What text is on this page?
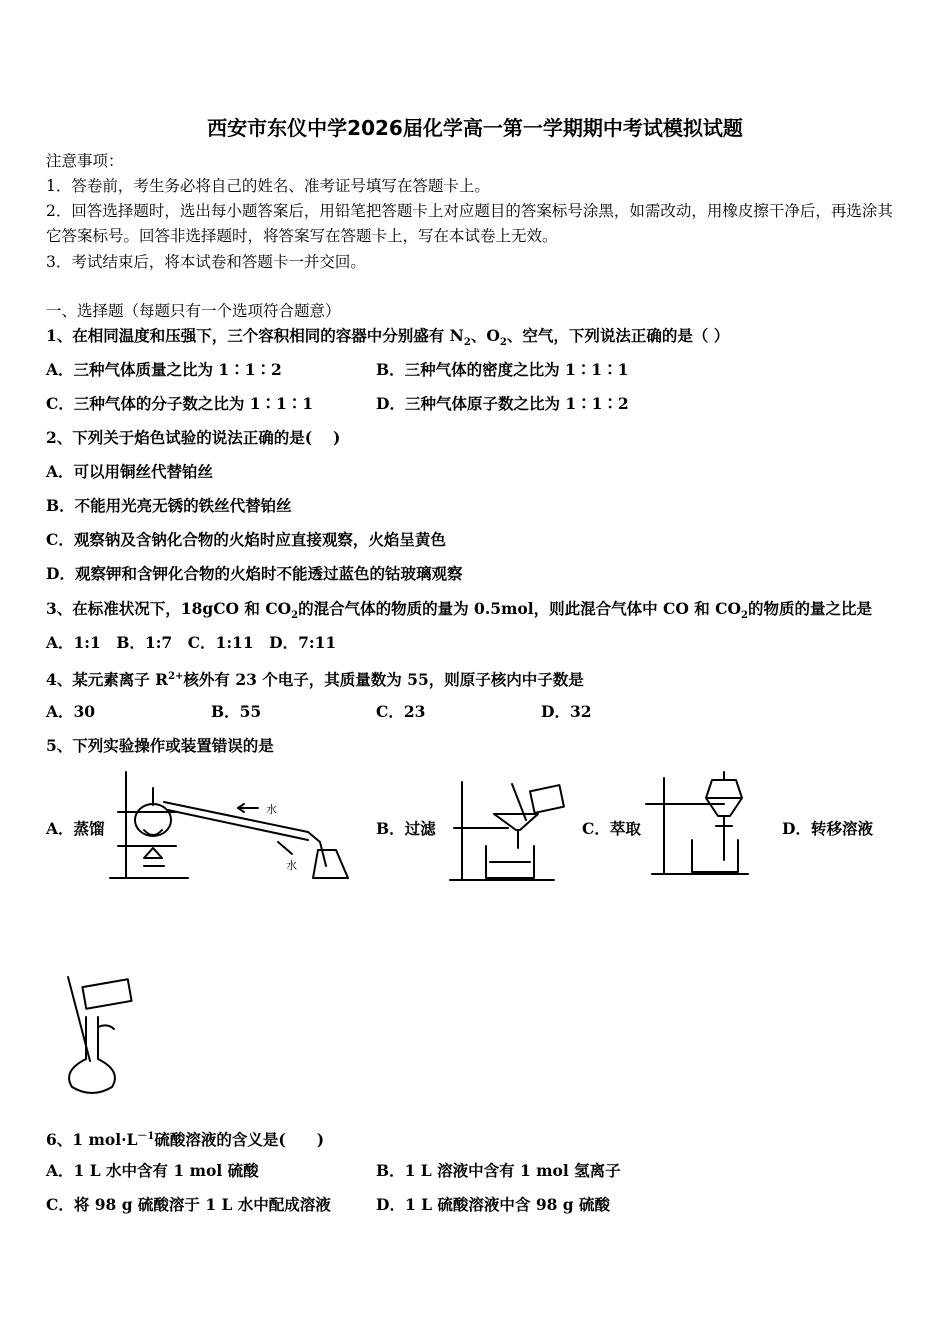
西安市东仪中学2026届化学高一第一学期期中考试模拟试题
注意事项：
1．答卷前，考生务必将自己的姓名、准考证号填写在答题卡上。
2．回答选择题时，选出每小题答案后，用铅笔把答题卡上对应题目的答案标号涂黑，如需改动，用橡皮擦干净后，再选涂其它答案标号。回答非选择题时，将答案写在答题卡上，写在本试卷上无效。
3．考试结束后，将本试卷和答题卡一并交回。
一、选择题（每题只有一个选项符合题意）
1、在相同温度和压强下，三个容积相同的容器中分别盛有 $N_2$、$O_2$、空气，下列说法正确的是（ ）
A．三种气体质量之比为 1∶1∶2	B．三种气体的密度之比为 1∶1∶1
C．三种气体的分子数之比为 1∶1∶1	D．三种气体原子数之比为 1∶1∶2
2、下列关于焰色试验的说法正确的是(　 )
A．可以用铜丝代替铂丝
B．不能用光亮无锈的铁丝代替铂丝
C．观察钠及含钠化合物的火焰时应直接观察，火焰呈黄色
D．观察钾和含钾化合物的火焰时不能透过蓝色的钴玻璃观察
3、在标准状况下，18gCO 和 $CO_2$的混合气体的物质的量为 0.5mol，则此混合气体中 CO 和 $CO_2$的物质的量之比是
A．1:1　B．1:7　C．1:11　D．7:11
4、某元素离子 $R^{2+}$核外有 23 个电子，其质量数为 55，则原子核内中子数是
A．30	B．55	C．23	D．32
5、下列实验操作或装置错误的是
A．蒸馏	B．过滤	C．萃取	D．转移溶液
水
水
6、1 $mol\cdot L^{-1}$硫酸溶液的含义是(　　)
A．1 L 水中含有 1 mol 硫酸	B．1 L 溶液中含有 1 mol 氢离子
C．将 98 g 硫酸溶于 1 L 水中配成溶液	D．1 L 硫酸溶液中含 98 g 硫酸
